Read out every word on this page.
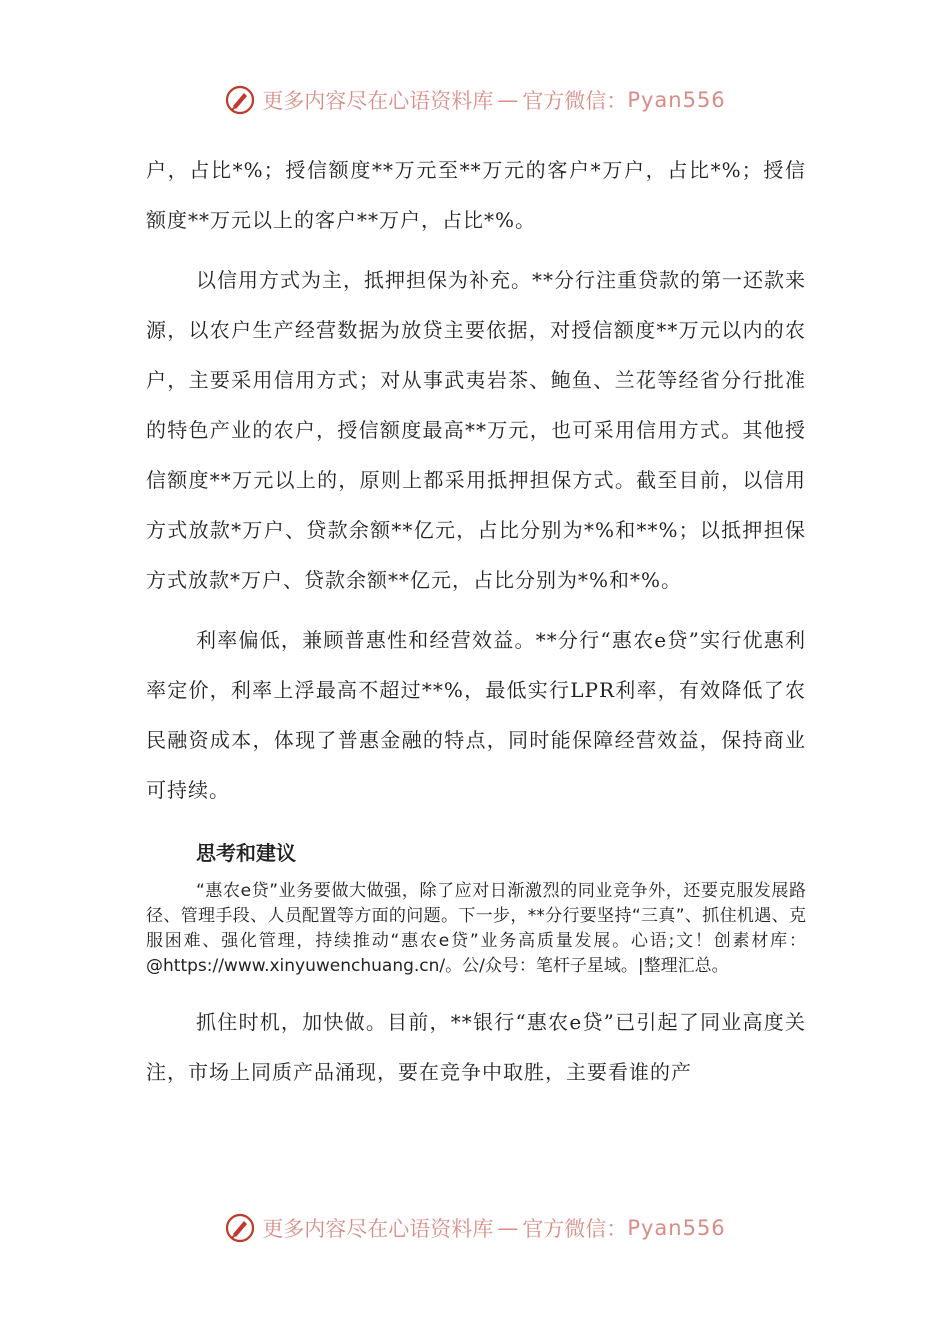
更多内容尽在心语资料库 — 官方微信： Pyan556

户，占比*%；授信额度**万元至**万元的客户*万户，占比*%；授信额度**万元以上的客户**万户，占比*%。

以信用方式为主，抵押担保为补充。**分行注重贷款的第一还款来源，以农户生产经营数据为放贷主要依据，对授信额度**万元以内的农户，主要采用信用方式；对从事武夷岩茶、鲍鱼、兰花等经省分行批准的特色产业的农户，授信额度最高**万元，也可采用信用方式。其他授信额度**万元以上的，原则上都采用抵押担保方式。截至目前，以信用方式放款*万户、贷款余额**亿元，占比分别为*%和**%；以抵押担保方式放款*万户、贷款余额**亿元，占比分别为*%和*%。

利率偏低，兼顾普惠性和经营效益。**分行“惠农e贷”实行优惠利率定价，利率上浮最高不超过**%，最低实行LPR利率，有效降低了农民融资成本，体现了普惠金融的特点，同时能保障经营效益，保持商业可持续。

思考和建议

“惠农e贷”业务要做大做强，除了应对日渐激烈的同业竞争外，还要克服发展路径、管理手段、人员配置等方面的问题。下一步，**分行要坚持“三真”、抓住机遇、克服困难、强化管理，持续推动“惠农e贷”业务高质量发展。心语;文！创素材库：@https://www.xinyuwenchuang.cn/。公/众号：笔杆子星域。|整理汇总。

抓住时机，加快做。目前，**银行“惠农e贷”已引起了同业高度关注，市场上同质产品涌现，要在竞争中取胜，主要看谁的产

更多内容尽在心语资料库 — 官方微信： Pyan556
